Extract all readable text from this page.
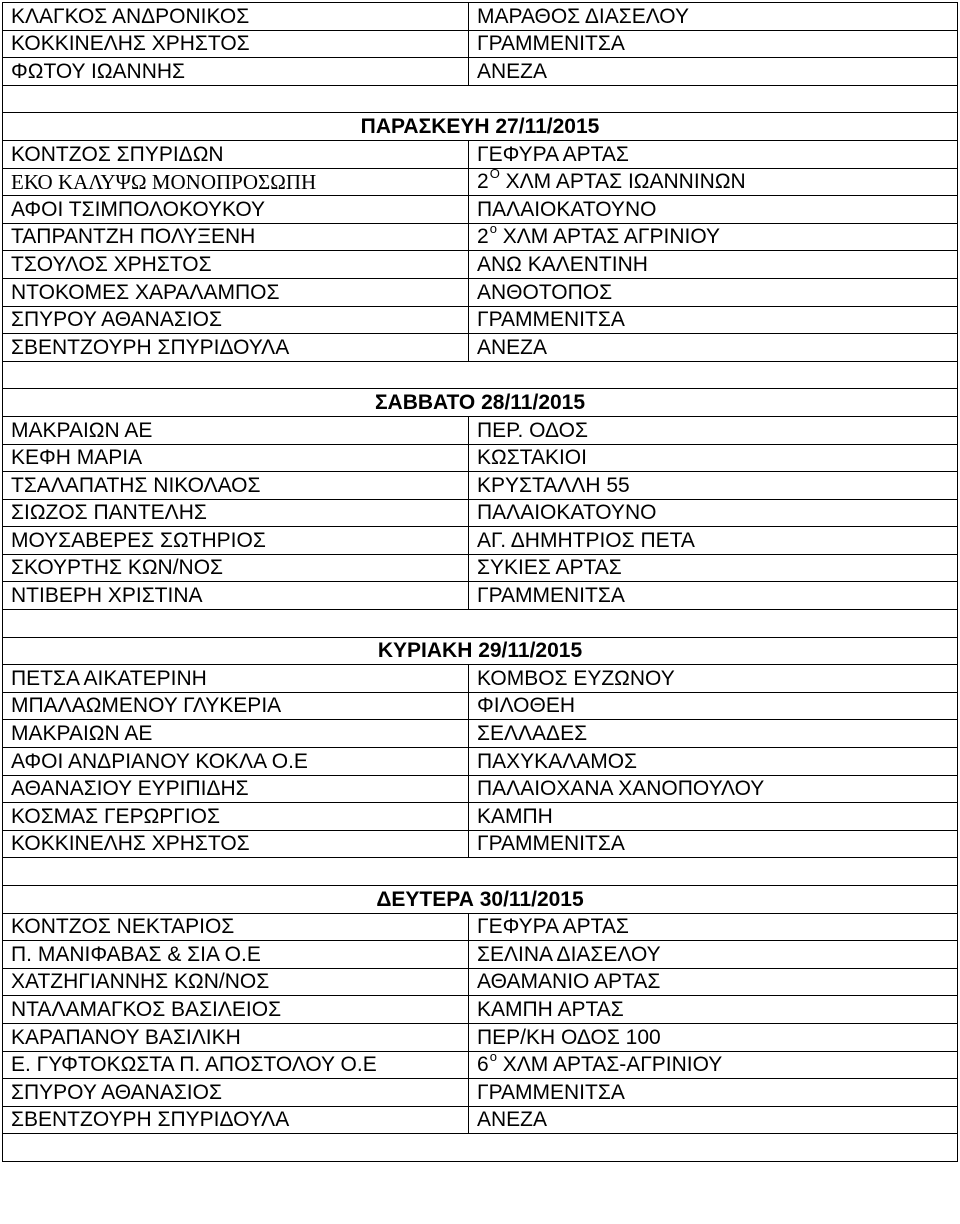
ΚΛΑΓΚΟΣ ΑΝΔΡΟΝΙΚΟΣ	ΜΑΡΑΘΟΣ ΔΙΑΣΕΛΟΥ
ΚΟΚΚΙΝΕΛΗΣ ΧΡΗΣΤΟΣ	ΓΡΑΜΜΕΝΙΤΣΑ
ΦΩΤΟΥ ΙΩΑΝΝΗΣ	ΑΝΕΖΑ

ΠΑΡΑΣΚΕΥΗ 27/11/2015	
ΚΟΝΤΖΟΣ ΣΠΥΡΙΔΩΝ	ΓΕΦΥΡΑ ΑΡΤΑΣ
ΕΚΟ ΚΑΛΥΨΩ ΜΟΝΟΠΡΟΣΩΠΗ	$2^O$ ΧΛΜ ΑΡΤΑΣ ΙΩΑΝΝΙΝΩΝ
ΑΦΟΙ ΤΣΙΜΠΟΛΟΚΟΥΚΟΥ	ΠΑΛΑΙΟΚΑΤΟΥΝΟ
ΤΑΠΡΑΝΤΖΗ ΠΟΛΥΞΕΝΗ	$2^o$ ΧΛΜ ΑΡΤΑΣ ΑΓΡΙΝΙΟΥ
ΤΣΟΥΛΟΣ ΧΡΗΣΤΟΣ	ΑΝΩ ΚΑΛΕΝΤΙΝΗ
ΝΤΟΚΟΜΕΣ ΧΑΡΑΛΑΜΠΟΣ	ΑΝΘΟΤΟΠΟΣ
ΣΠΥΡΟΥ ΑΘΑΝΑΣΙΟΣ	ΓΡΑΜΜΕΝΙΤΣΑ
ΣΒΕΝΤΖΟΥΡΗ ΣΠΥΡΙΔΟΥΛΑ	ΑΝΕΖΑ

ΣΑΒΒΑΤΟ 28/11/2015	
ΜΑΚΡΑΙΩΝ ΑΕ	ΠΕΡ. ΟΔΟΣ
ΚΕΦΗ ΜΑΡΙΑ	ΚΩΣΤΑΚΙΟΙ
ΤΣΑΛΑΠΑΤΗΣ ΝΙΚΟΛΑΟΣ	ΚΡΥΣΤΑΛΛΗ 55
ΣΙΩΖΟΣ ΠΑΝΤΕΛΗΣ	ΠΑΛΑΙΟΚΑΤΟΥΝΟ
ΜΟΥΣΑΒΕΡΕΣ ΣΩΤΗΡΙΟΣ	ΑΓ. ΔΗΜΗΤΡΙΟΣ ΠΕΤΑ
ΣΚΟΥΡΤΗΣ ΚΩΝ/ΝΟΣ	ΣΥΚΙΕΣ ΑΡΤΑΣ
ΝΤΙΒΕΡΗ ΧΡΙΣΤΙΝΑ	ΓΡΑΜΜΕΝΙΤΣΑ

ΚΥΡΙΑΚΗ 29/11/2015	
ΠΕΤΣΑ ΑΙΚΑΤΕΡΙΝΗ	ΚΟΜΒΟΣ ΕΥΖΩΝΟΥ
ΜΠΑΛΑΩΜΕΝΟΥ ΓΛΥΚΕΡΙΑ	ΦΙΛΟΘΕΗ
ΜΑΚΡΑΙΩΝ ΑΕ	ΣΕΛΛΑΔΕΣ
ΑΦΟΙ ΑΝΔΡΙΑΝΟΥ ΚΟΚΛΑ Ο.Ε	ΠΑΧΥΚΑΛΑΜΟΣ
ΑΘΑΝΑΣΙΟΥ ΕΥΡΙΠΙΔΗΣ	ΠΑΛΑΙΟΧΑΝΑ ΧΑΝΟΠΟΥΛΟΥ
ΚΟΣΜΑΣ ΓΕΡΩΡΓΙΟΣ	ΚΑΜΠΗ
ΚΟΚΚΙΝΕΛΗΣ ΧΡΗΣΤΟΣ	ΓΡΑΜΜΕΝΙΤΣΑ

ΔΕΥΤΕΡΑ 30/11/2015	
ΚΟΝΤΖΟΣ ΝΕΚΤΑΡΙΟΣ	ΓΕΦΥΡΑ ΑΡΤΑΣ
Π. ΜΑΝΙΦΑΒΑΣ & ΣΙΑ Ο.Ε	ΣΕΛΙΝΑ ΔΙΑΣΕΛΟΥ
ΧΑΤΖΗΓΙΑΝΝΗΣ ΚΩΝ/ΝΟΣ	ΑΘΑΜΑΝΙΟ ΑΡΤΑΣ
ΝΤΑΛΑΜΑΓΚΟΣ ΒΑΣΙΛΕΙΟΣ	ΚΑΜΠΗ ΑΡΤΑΣ
ΚΑΡΑΠΑΝΟΥ ΒΑΣΙΛΙΚΗ	ΠΕΡ/ΚΗ ΟΔΟΣ 100
Ε. ΓΥΦΤΟΚΩΣΤΑ Π. ΑΠΟΣΤΟΛΟΥ Ο.Ε	$6^o$ ΧΛΜ ΑΡΤΑΣ-ΑΓΡΙΝΙΟΥ
ΣΠΥΡΟΥ ΑΘΑΝΑΣΙΟΣ	ΓΡΑΜΜΕΝΙΤΣΑ
ΣΒΕΝΤΖΟΥΡΗ ΣΠΥΡΙΔΟΥΛΑ	ΑΝΕΖΑ
